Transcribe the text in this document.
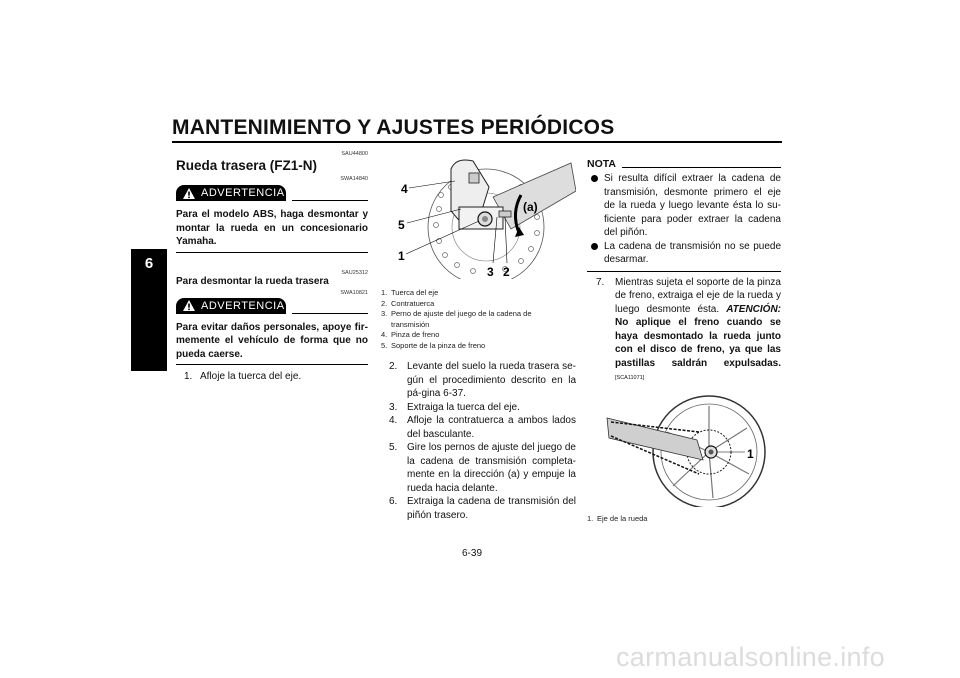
MANTENIMIENTO Y AJUSTES PERIÓDICOS
6
SAU44800
Rueda trasera (FZ1-N)
SWA14840
ADVERTENCIA
Para el modelo ABS, haga desmontar y montar la rueda en un concesionario Yamaha.
SAU25312
Para desmontar la rueda trasera
SWA10821
ADVERTENCIA
Para evitar daños personales, apoye fir-memente el vehículo de forma que no pueda caerse.
1. Afloje la tuerca del eje.
4
5
1
3 2
(a)
1. Tuerca del eje
2. Contratuerca
3. Perno de ajuste del juego de la cadena de transmisión
4. Pinza de freno
5. Soporte de la pinza de freno
2. Levante del suelo la rueda trasera se-gún el procedimiento descrito en la pá-gina 6-37.
3. Extraiga la tuerca del eje.
4. Afloje la contratuerca a ambos lados del basculante.
5. Gire los pernos de ajuste del juego de la cadena de transmisión completa-mente en la dirección (a) y empuje la rueda hacia delante.
6. Extraiga la cadena de transmisión del piñón trasero.
NOTA
Si resulta difícil extraer la cadena de transmisión, desmonte primero el eje de la rueda y luego levante ésta lo su-ficiente para poder extraer la cadena del piñón.
La cadena de transmisión no se puede desarmar.
7. Mientras sujeta el soporte de la pinza de freno, extraiga el eje de la rueda y luego desmonte ésta. ATENCIÓN: No aplique el freno cuando se haya desmontado la rueda junto con el disco de freno, ya que las pastillas saldrán expulsadas.[SCA11071]
1
1. Eje de la rueda
6-39
carmanualsonline.info
